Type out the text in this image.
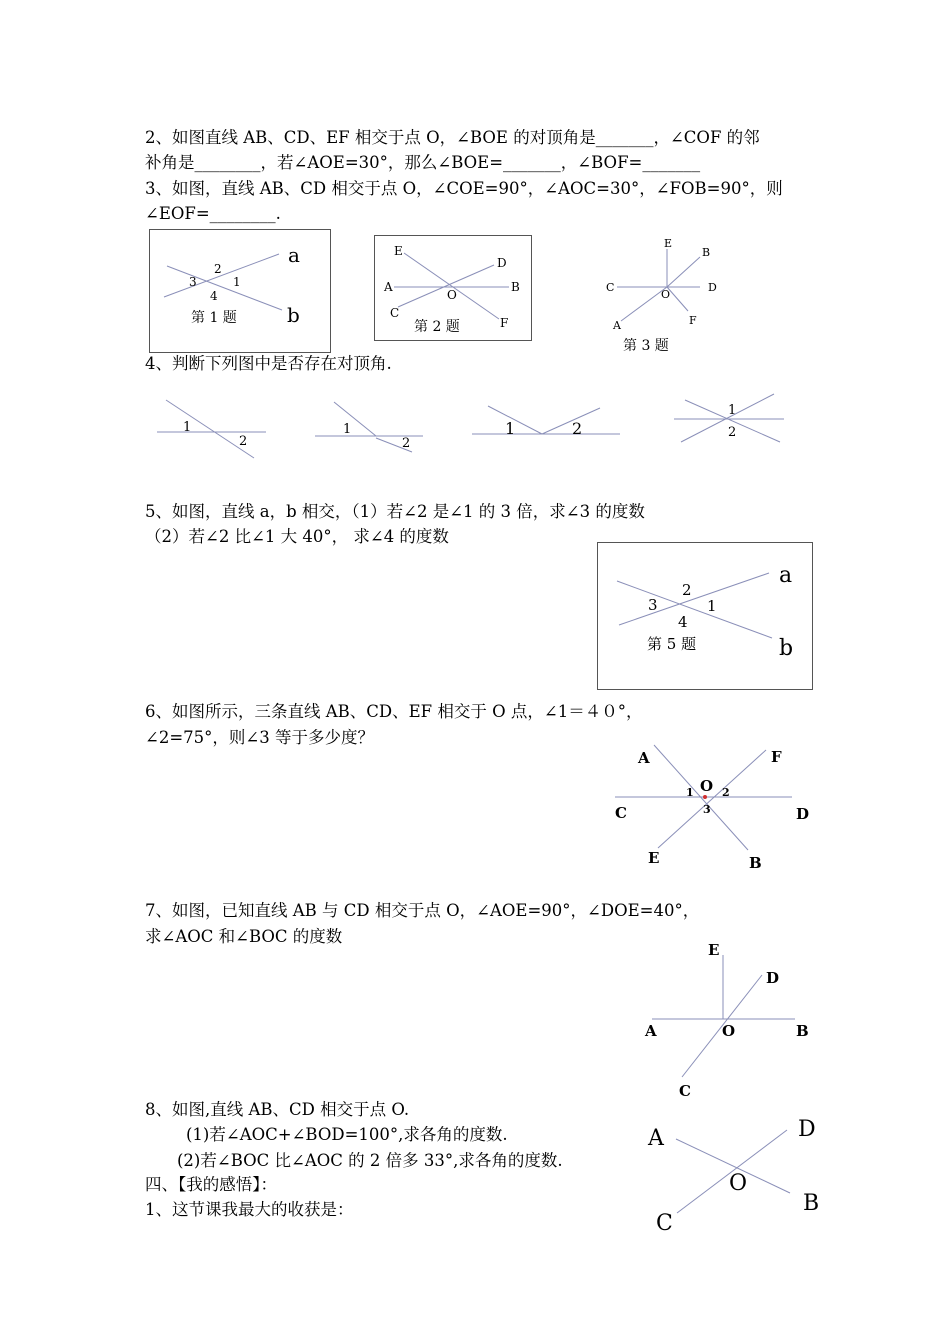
2、如图直线 AB、CD、EF 相交于点 O，∠BOE 的对顶角是_______，∠COF 的邻
补角是________，若∠AOE=30°，那么∠BOE=_______，∠BOF=_______
3、如图，直线 AB、CD 相交于点 O，∠COE=90°，∠AOC=30°，∠FOB=90°，则
∠EOF=________.
a
b
2
3	1
4
第 1 题
E
D
A	B
O
C
F
第 2 题
E
B
C	D
O
A	F
第 3 题
4、判断下列图中是否存在对顶角.
1
2
1
2
1	2
1
2
5、如图，直线 a，b 相交，（1）若∠2 是∠1 的 3 倍，求∠3 的度数
（2）若∠2 比∠1 大 40°， 求∠4 的度数
a
b
2
3	1
4
第 5 题
6、如图所示，三条直线 AB、CD、EF 相交于 O 点，∠1＝４０°，
∠2=75°，则∠3 等于多少度？
A	F
O
1	2
3
C	D
E	B
7、如图，已知直线 AB 与 CD 相交于点 O，∠AOE=90°，∠DOE=40°，
求∠AOC 和∠BOC 的度数
E
D
A	O	B
C
8、如图,直线 AB、CD 相交于点 O.
(1)若∠AOC+∠BOD=100°,求各角的度数.
(2)若∠BOC 比∠AOC 的 2 倍多 33°,求各角的度数.
A	D
O
B
C
四、【我的感悟】：
1、这节课我最大的收获是：
